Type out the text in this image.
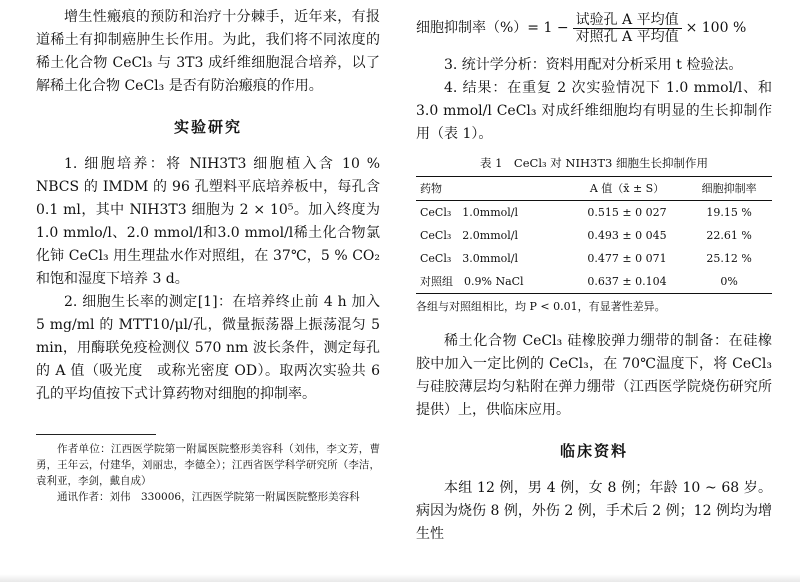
增生性瘢痕的预防和治疗十分棘手，近年来，有报道稀土有抑制癌肿生长作用。为此，我们将不同浓度的稀土化合物 CeCl₃ 与 3T3 成纤维细胞混合培养，以了解稀土化合物 CeCl₃ 是否有防治瘢痕的作用。

实验研究

1. 细胞培养：将 NIH3T3 细胞植入含 10 % NBCS 的 IMDM 的 96 孔塑料平底培养板中，每孔含 0.1 ml，其中 NIH3T3 细胞为 2 × 10⁵。加入终度为 1.0 mmlo/l、2.0 mmol/l和3.0 mmol/l稀土化合物氯化铈 CeCl₃ 用生理盐水作对照组，在 37℃，5 % CO₂ 和饱和湿度下培养 3 d。

2. 细胞生长率的测定[1]：在培养终止前 4 h 加入 5 mg/ml 的 MTT10/μl/孔，微量振荡器上振荡混匀 5 min，用酶联免疫检测仪 570 nm 波长条件，测定每孔的 A 值（吸光度　或称光密度 OD）。取两次实验共 6 孔的平均值按下式计算药物对细胞的抑制率。

作者单位：江西医学院第一附属医院整形美容科（刘伟，李文芳，曹勇，王年云，付建华，刘丽忠，李德全）；江西省医学科学研究所（李洁，袁利亚，李剑，戴自成）

通讯作者：刘伟　330006，江西医学院第一附属医院整形美容科

细胞抑制率（%）= $1 - \frac{\text{试验孔 A 平均值}}{\text{对照孔 A 平均值}} \times 100$ %

3. 统计学分析：资料用配对分析采用 t 检验法。

4. 结果：在重复 2 次实验情况下 1.0 mmol/l、和 3.0 mmol/l CeCl₃ 对成纤维细胞均有明显的生长抑制作用（表 1）。

表 1　CeCl₃ 对 NIH3T3 细胞生长抑制作用
药物	A 值（x̄ ± S）	细胞抑制率
CeCl₃　1.0mmol/l	0.515 ± 0 027	19.15 %
CeCl₃　2.0mmol/l	0.493 ± 0 045	22.61 %
CeCl₃　3.0mmol/l	0.477 ± 0 071	25.12 %
对照组　0.9% NaCl	0.637 ± 0.104	0%
各组与对照组相比，均 P < 0.01，有显著性差异。

稀土化合物 CeCl₃ 硅橡胶弹力绷带的制备：在硅橡胶中加入一定比例的 CeCl₃，在 70℃温度下，将 CeCl₃ 与硅胶薄层均匀粘附在弹力绷带（江西医学院烧伤研究所提供）上，供临床应用。

临床资料

本组 12 例，男 4 例，女 8 例；年龄 10 ~ 68 岁。病因为烧伤 8 例，外伤 2 例，手术后 2 例；12 例均为增生性
